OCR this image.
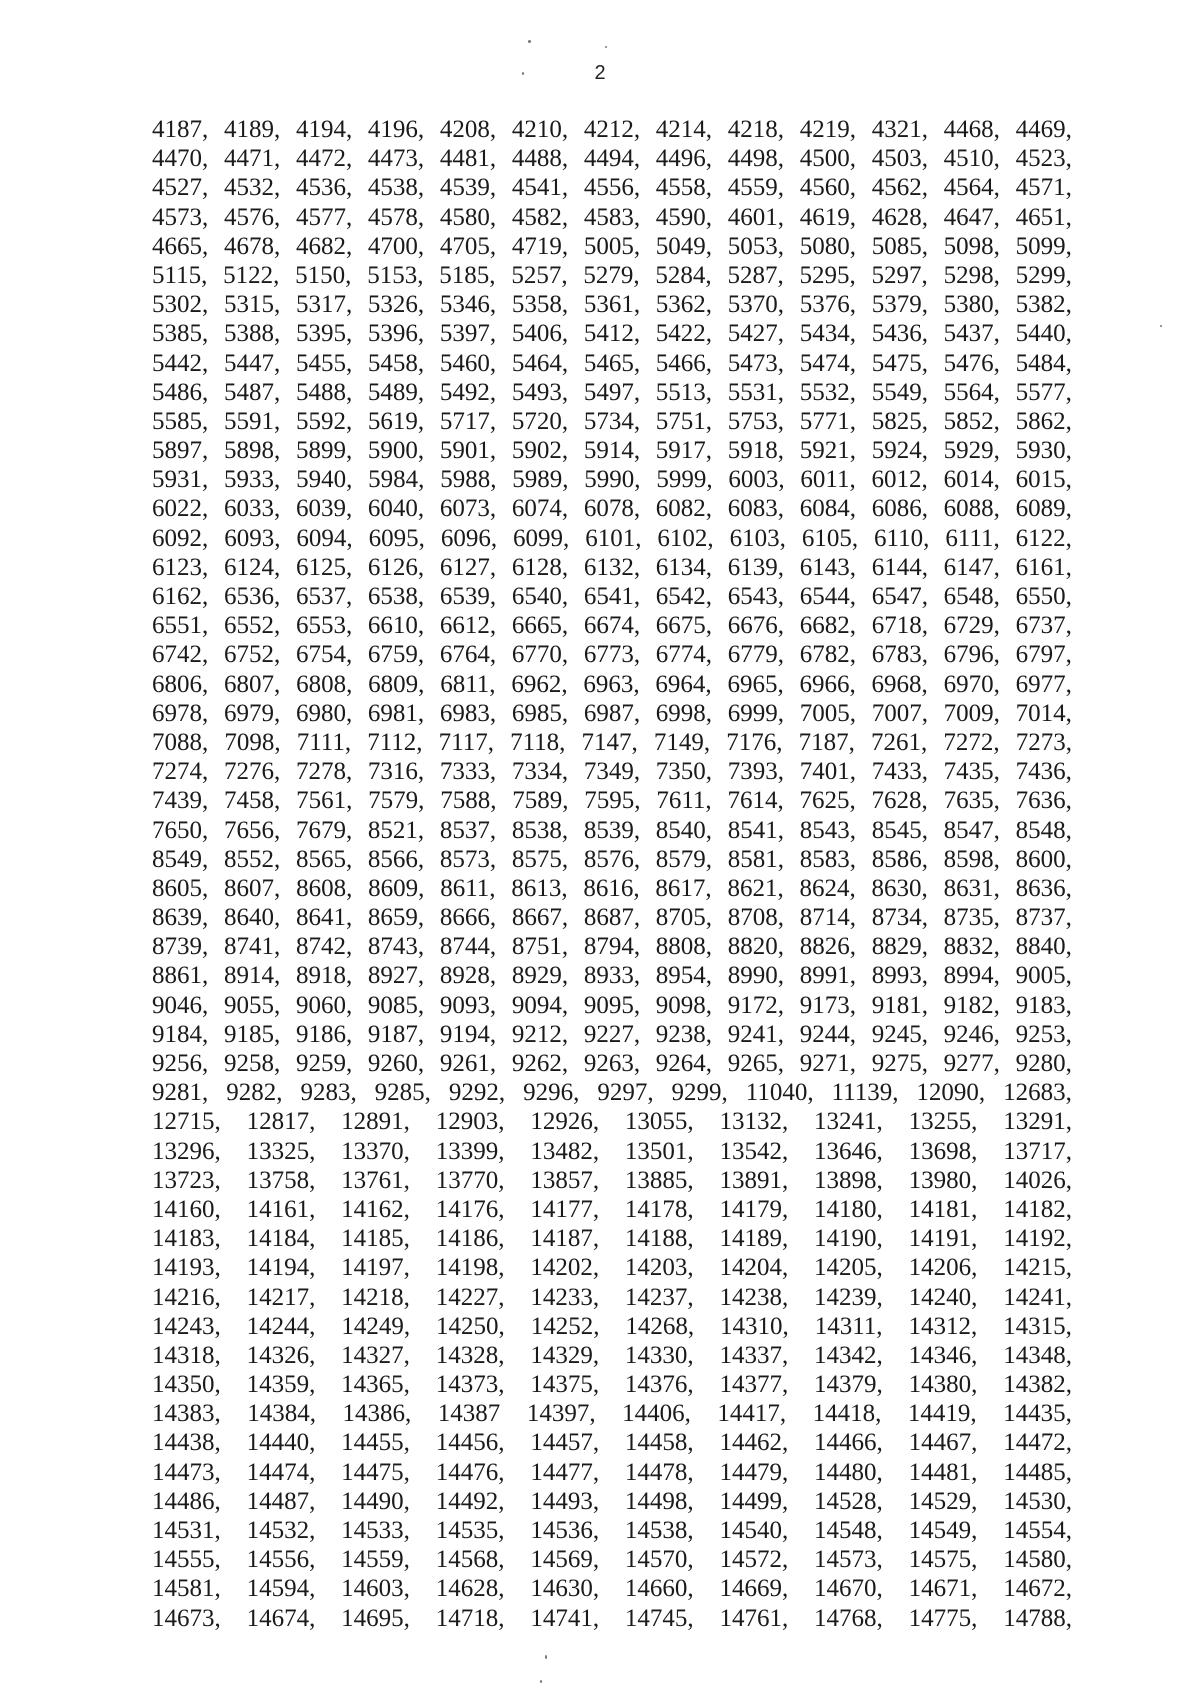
2
4187, 4189, 4194, 4196, 4208, 4210, 4212, 4214, 4218, 4219, 4321, 4468, 4469,
4470, 4471, 4472, 4473, 4481, 4488, 4494, 4496, 4498, 4500, 4503, 4510, 4523,
4527, 4532, 4536, 4538, 4539, 4541, 4556, 4558, 4559, 4560, 4562, 4564, 4571,
4573, 4576, 4577, 4578, 4580, 4582, 4583, 4590, 4601, 4619, 4628, 4647, 4651,
4665, 4678, 4682, 4700, 4705, 4719, 5005, 5049, 5053, 5080, 5085, 5098, 5099,
5115, 5122, 5150, 5153, 5185, 5257, 5279, 5284, 5287, 5295, 5297, 5298, 5299,
5302, 5315, 5317, 5326, 5346, 5358, 5361, 5362, 5370, 5376, 5379, 5380, 5382,
5385, 5388, 5395, 5396, 5397, 5406, 5412, 5422, 5427, 5434, 5436, 5437, 5440,
5442, 5447, 5455, 5458, 5460, 5464, 5465, 5466, 5473, 5474, 5475, 5476, 5484,
5486, 5487, 5488, 5489, 5492, 5493, 5497, 5513, 5531, 5532, 5549, 5564, 5577,
5585, 5591, 5592, 5619, 5717, 5720, 5734, 5751, 5753, 5771, 5825, 5852, 5862,
5897, 5898, 5899, 5900, 5901, 5902, 5914, 5917, 5918, 5921, 5924, 5929, 5930,
5931, 5933, 5940, 5984, 5988, 5989, 5990, 5999, 6003, 6011, 6012, 6014, 6015,
6022, 6033, 6039, 6040, 6073, 6074, 6078, 6082, 6083, 6084, 6086, 6088, 6089,
6092, 6093, 6094, 6095, 6096, 6099, 6101, 6102, 6103, 6105, 6110, 6111, 6122,
6123, 6124, 6125, 6126, 6127, 6128, 6132, 6134, 6139, 6143, 6144, 6147, 6161,
6162, 6536, 6537, 6538, 6539, 6540, 6541, 6542, 6543, 6544, 6547, 6548, 6550,
6551, 6552, 6553, 6610, 6612, 6665, 6674, 6675, 6676, 6682, 6718, 6729, 6737,
6742, 6752, 6754, 6759, 6764, 6770, 6773, 6774, 6779, 6782, 6783, 6796, 6797,
6806, 6807, 6808, 6809, 6811, 6962, 6963, 6964, 6965, 6966, 6968, 6970, 6977,
6978, 6979, 6980, 6981, 6983, 6985, 6987, 6998, 6999, 7005, 7007, 7009, 7014,
7088, 7098, 7111, 7112, 7117, 7118, 7147, 7149, 7176, 7187, 7261, 7272, 7273,
7274, 7276, 7278, 7316, 7333, 7334, 7349, 7350, 7393, 7401, 7433, 7435, 7436,
7439, 7458, 7561, 7579, 7588, 7589, 7595, 7611, 7614, 7625, 7628, 7635, 7636,
7650, 7656, 7679, 8521, 8537, 8538, 8539, 8540, 8541, 8543, 8545, 8547, 8548,
8549, 8552, 8565, 8566, 8573, 8575, 8576, 8579, 8581, 8583, 8586, 8598, 8600,
8605, 8607, 8608, 8609, 8611, 8613, 8616, 8617, 8621, 8624, 8630, 8631, 8636,
8639, 8640, 8641, 8659, 8666, 8667, 8687, 8705, 8708, 8714, 8734, 8735, 8737,
8739, 8741, 8742, 8743, 8744, 8751, 8794, 8808, 8820, 8826, 8829, 8832, 8840,
8861, 8914, 8918, 8927, 8928, 8929, 8933, 8954, 8990, 8991, 8993, 8994, 9005,
9046, 9055, 9060, 9085, 9093, 9094, 9095, 9098, 9172, 9173, 9181, 9182, 9183,
9184, 9185, 9186, 9187, 9194, 9212, 9227, 9238, 9241, 9244, 9245, 9246, 9253,
9256, 9258, 9259, 9260, 9261, 9262, 9263, 9264, 9265, 9271, 9275, 9277, 9280,
9281, 9282, 9283, 9285, 9292, 9296, 9297, 9299, 11040, 11139, 12090, 12683,
12715, 12817, 12891, 12903, 12926, 13055, 13132, 13241, 13255, 13291,
13296, 13325, 13370, 13399, 13482, 13501, 13542, 13646, 13698, 13717,
13723, 13758, 13761, 13770, 13857, 13885, 13891, 13898, 13980, 14026,
14160, 14161, 14162, 14176, 14177, 14178, 14179, 14180, 14181, 14182,
14183, 14184, 14185, 14186, 14187, 14188, 14189, 14190, 14191, 14192,
14193, 14194, 14197, 14198, 14202, 14203, 14204, 14205, 14206, 14215,
14216, 14217, 14218, 14227, 14233, 14237, 14238, 14239, 14240, 14241,
14243, 14244, 14249, 14250, 14252, 14268, 14310, 14311, 14312, 14315,
14318, 14326, 14327, 14328, 14329, 14330, 14337, 14342, 14346, 14348,
14350, 14359, 14365, 14373, 14375, 14376, 14377, 14379, 14380, 14382,
14383, 14384, 14386, 14387 14397, 14406, 14417, 14418, 14419, 14435,
14438, 14440, 14455, 14456, 14457, 14458, 14462, 14466, 14467, 14472,
14473, 14474, 14475, 14476, 14477, 14478, 14479, 14480, 14481, 14485,
14486, 14487, 14490, 14492, 14493, 14498, 14499, 14528, 14529, 14530,
14531, 14532, 14533, 14535, 14536, 14538, 14540, 14548, 14549, 14554,
14555, 14556, 14559, 14568, 14569, 14570, 14572, 14573, 14575, 14580,
14581, 14594, 14603, 14628, 14630, 14660, 14669, 14670, 14671, 14672,
14673, 14674, 14695, 14718, 14741, 14745, 14761, 14768, 14775, 14788,
